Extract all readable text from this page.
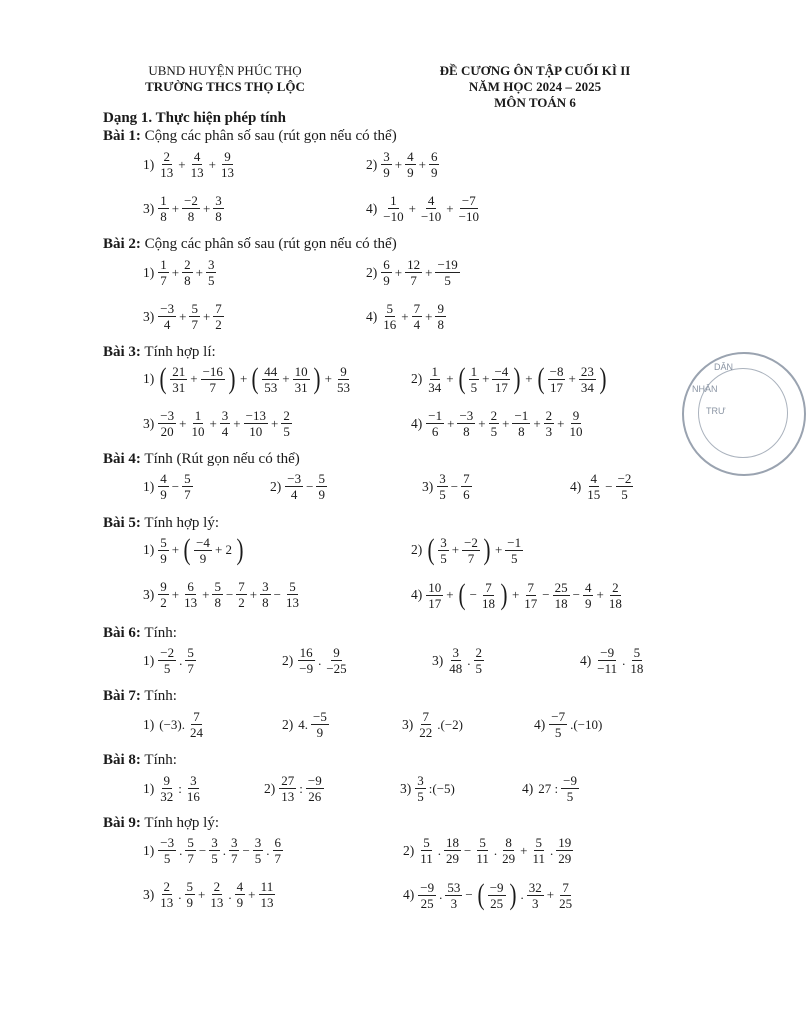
UBND HUYỆN PHÚC THỌ
TRƯỜNG THCS THỌ LỘC
ĐỀ CƯƠNG ÔN TẬP CUỐI KÌ II
NĂM HỌC 2024 – 2025
MÔN TOÁN 6
Dạng 1. Thực hiện phép tính
Bài 1: Cộng các phân số sau (rút gọn nếu có thể)
Bài 2: Cộng các phân số sau (rút gọn nếu có thể)
Bài 3: Tính hợp lí:
Bài 4: Tính (Rút gọn nếu có thể)
Bài 5: Tính hợp lý:
Bài 6: Tính:
Bài 7: Tính:
Bài 8: Tính:
Bài 9: Tính hợp lý:
$1) \frac{2}{13} + \frac{4}{13} + \frac{9}{13}$	$2) \frac{3}{9} + \frac{4}{9} + \frac{6}{9}$
$3) \frac{1}{8} + \frac{-2}{8} + \frac{3}{8}$	$4) \frac{1}{-10} + \frac{4}{-10} + \frac{-7}{-10}$
$1) \frac{1}{7} + \frac{2}{8} + \frac{3}{5}$	$2) \frac{6}{9} + \frac{12}{7} + \frac{-19}{5}$
$3) \frac{-3}{4} + \frac{5}{7} + \frac{7}{2}$	$4) \frac{5}{16} + \frac{7}{4} + \frac{9}{8}$
1) ( $\frac{21}{31} + \frac{-16}{7}$ ) + ( $\frac{44}{53} + \frac{10}{31}$ ) + $\frac{9}{53}$	$2) \frac{1}{34}$ + ( $\frac{1}{5} + \frac{-4}{17}$ ) + ( $\frac{-8}{17} + \frac{23}{34}$ )
$3) \frac{-3}{20} + \frac{1}{10} + \frac{3}{4} + \frac{-13}{10} + \frac{2}{5}$	$4) \frac{-1}{6} + \frac{-3}{8} + \frac{2}{5} + \frac{-1}{8} + \frac{2}{3} + \frac{9}{10}$
$1) \frac{4}{9} - \frac{5}{7}$	$2) \frac{-3}{4} - \frac{5}{9}$	$3) \frac{3}{5} - \frac{7}{6}$	$4) \frac{4}{15} - \frac{-2}{5}$
$1) \frac{5}{9}$ + ( $\frac{-4}{9} + 2$ )	2) ( $\frac{3}{5} + \frac{-2}{7}$ ) + $\frac{-1}{5}$
$3) \frac{9}{2} + \frac{6}{13} + \frac{5}{8} - \frac{7}{2} + \frac{3}{8} - \frac{5}{13}$	$4) \frac{10}{17}$ + ( − $\frac{7}{18}$ ) + $\frac{7}{17} - \frac{25}{18} - \frac{4}{9} + \frac{2}{18}$
$1) \frac{-2}{5}$ . $\frac{5}{7}$	$2) \frac{16}{-9}$ . $\frac{9}{-25}$	$3) \frac{3}{48}$ . $\frac{2}{5}$	$4) \frac{-9}{-11}$ . $\frac{5}{18}$
1) (−3). $\frac{7}{24}$	2) 4. $\frac{-5}{9}$	$3) \frac{7}{22} .(-2)$	$4) \frac{-7}{5} .(-10)$
$1) \frac{9}{32}$ : $\frac{3}{16}$	$2) \frac{27}{13}$ : $\frac{-9}{26}$	$3) \frac{3}{5}$ :(−5)	4) 27 : $\frac{-9}{5}$
$1) \frac{-3}{5}$ . $\frac{5}{7} - \frac{3}{5}$ . $\frac{3}{7} - \frac{3}{5}$ . $\frac{6}{7}$	$2) \frac{5}{11}$ . $\frac{18}{29} - \frac{5}{11}$ . $\frac{8}{29} + \frac{5}{11}$ . $\frac{19}{29}$
$3) \frac{2}{13}$ . $\frac{5}{9} + \frac{2}{13}$ . $\frac{4}{9} + \frac{11}{13}$	$4) \frac{-9}{25}$ . $\frac{53}{3}$ − ( $\frac{-9}{25}$ ) . $\frac{32}{3} + \frac{7}{25}$
DÂN
TRƯ
NHÂN
